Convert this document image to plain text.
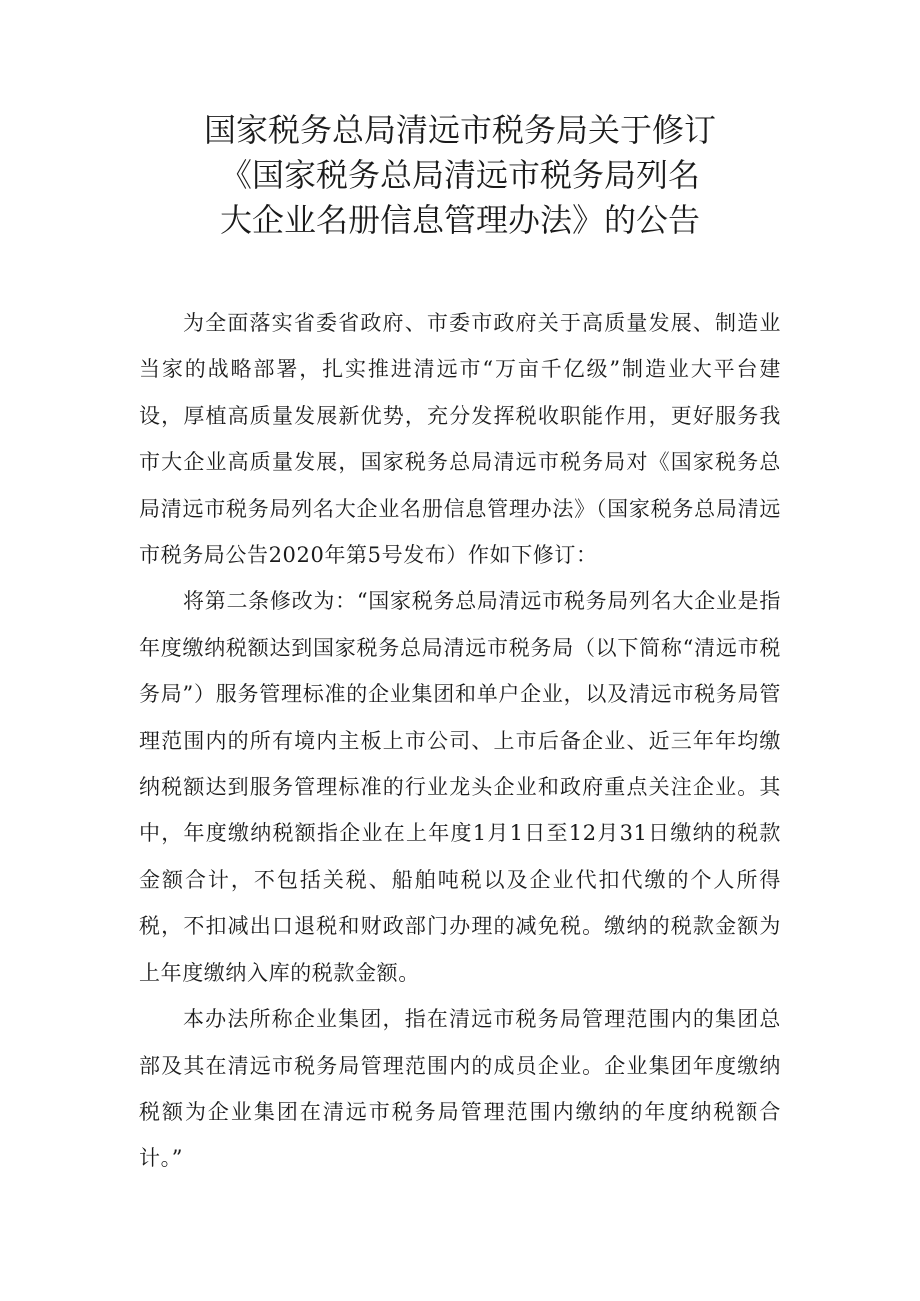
国家税务总局清远市税务局关于修订
《国家税务总局清远市税务局列名
大企业名册信息管理办法》的公告

为全面落实省委省政府、市委市政府关于高质量发展、制造业当家的战略部署，扎实推进清远市“万亩千亿级”制造业大平台建设，厚植高质量发展新优势，充分发挥税收职能作用，更好服务我市大企业高质量发展，国家税务总局清远市税务局对《国家税务总局清远市税务局列名大企业名册信息管理办法》（国家税务总局清远市税务局公告2020年第5号发布）作如下修订：

将第二条修改为：“国家税务总局清远市税务局列名大企业是指年度缴纳税额达到国家税务总局清远市税务局（以下简称“清远市税务局”）服务管理标准的企业集团和单户企业，以及清远市税务局管理范围内的所有境内主板上市公司、上市后备企业、近三年年均缴纳税额达到服务管理标准的行业龙头企业和政府重点关注企业。其中，年度缴纳税额指企业在上年度1月1日至12月31日缴纳的税款金额合计，不包括关税、船舶吨税以及企业代扣代缴的个人所得税，不扣减出口退税和财政部门办理的减免税。缴纳的税款金额为上年度缴纳入库的税款金额。

本办法所称企业集团，指在清远市税务局管理范围内的集团总部及其在清远市税务局管理范围内的成员企业。企业集团年度缴纳税额为企业集团在清远市税务局管理范围内缴纳的年度纳税额合计。”
